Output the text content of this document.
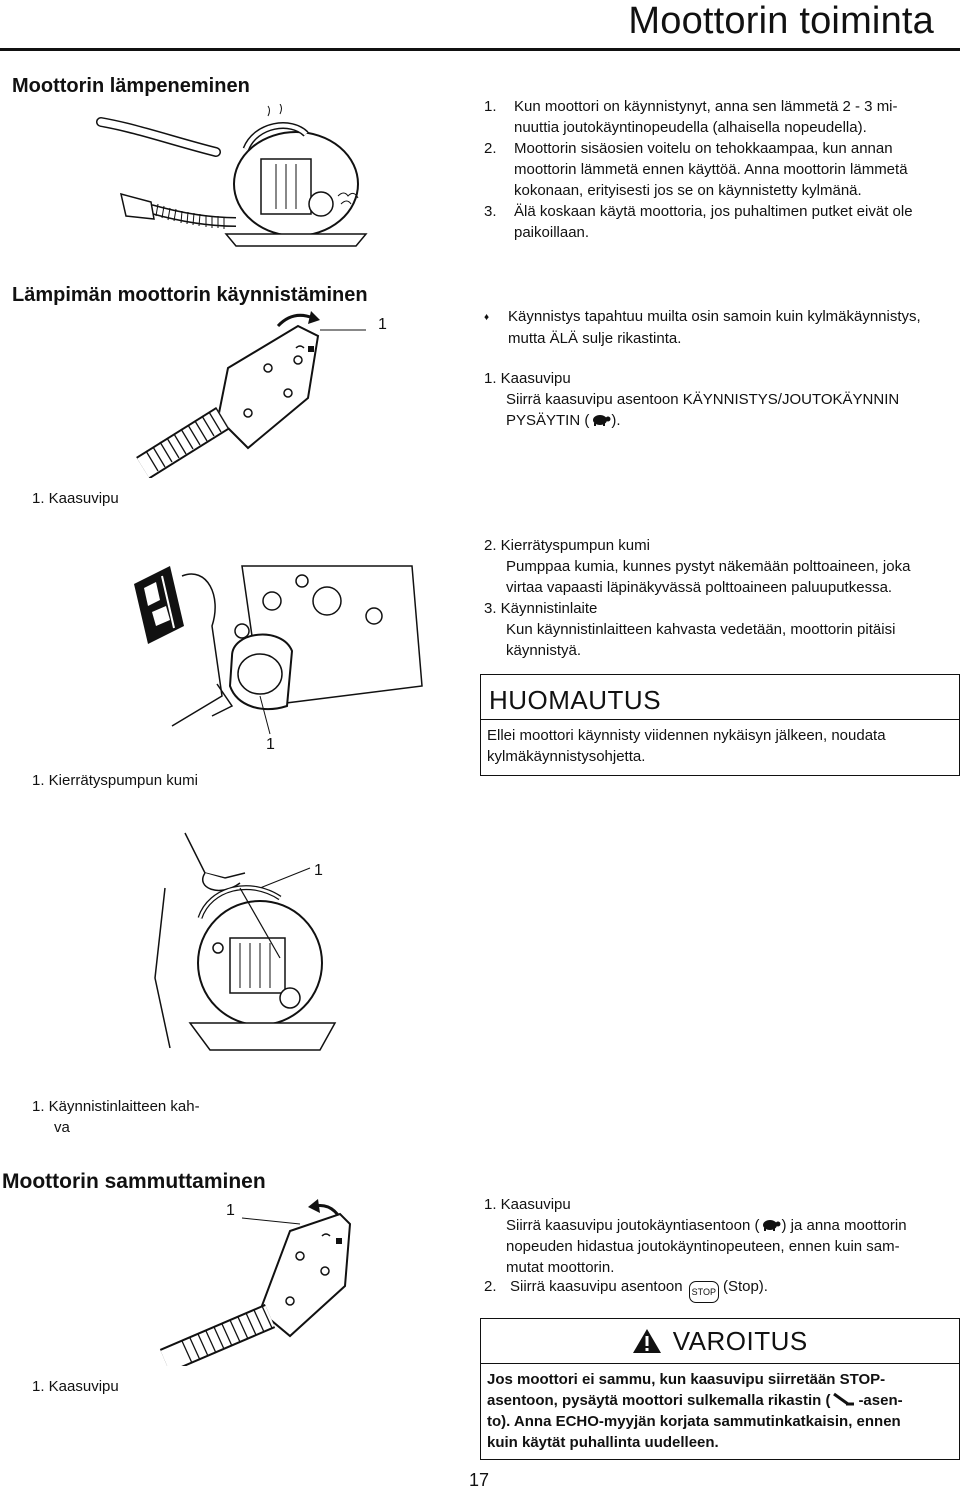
Moottorin toiminta
Moottorin lämpeneminen
1. Kun moottori on käynnistynyt, anna sen lämmetä 2 - 3 mi-
nuuttia joutokäyntinopeudella (alhaisella nopeudella).
2. Moottorin sisäosien voitelu on tehokkaampaa, kun annan
moottorin lämmetä ennen käyttöä. Anna moottorin lämmetä
kokonaan, erityisesti jos se on käynnistetty kylmänä.
3. Älä koskaan käytä moottoria, jos puhaltimen putket eivät ole
paikoillaan.
Lämpimän moottorin käynnistäminen
1	♦ Käynnistys tapahtuu muilta osin samoin kuin kylmäkäynnistys,
mutta ÄLÄ sulje rikastinta.
1. Kaasuvipu
Siirrä kaasuvipu asentoon KÄYNNISTYS/JOUTOKÄYNNIN
PYSÄYTIN ( ).
1. Kaasuvipu
1
1. Kierrätyspumpun kumi
2. Kierrätyspumpun kumi
Pumppaa kumia, kunnes pystyt näkemään polttoaineen, joka
virtaa vapaasti läpinäkyvässä polttoaineen paluuputkessa.
3. Käynnistinlaite
Kun käynnistinlaitteen kahvasta vedetään, moottorin pitäisi
käynnistyä.
HUOMAUTUS
Ellei moottori käynnisty viidennen nykäisyn jälkeen, noudata
kylmäkäynnistysohjetta.
1
1. Käynnistinlaitteen kah-
va
Moottorin sammuttaminen
1
1. Kaasuvipu
1. Kaasuvipu
Siirrä kaasuvipu joutokäyntiasentoon ( ) ja anna moottorin
nopeuden hidastua joutokäyntinopeuteen, ennen kuin sam-
mutat moottorin.
2. Siirrä kaasuvipu asentoon STOP (Stop).
VAROITUS
Jos moottori ei sammu, kun kaasuvipu siirretään STOP-
asentoon, pysäytä moottori sulkemalla rikastin ( -asen-
to). Anna ECHO-myyjän korjata sammutinkatkaisin, ennen
kuin käytät puhallinta uudelleen.
17
